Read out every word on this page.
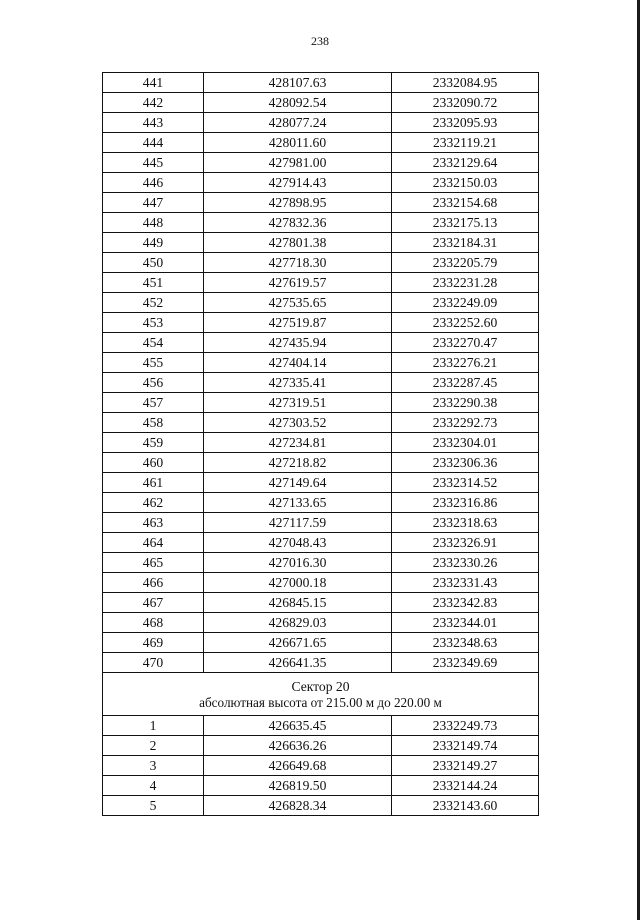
238
441	428107.63	2332084.95
442	428092.54	2332090.72
443	428077.24	2332095.93
444	428011.60	2332119.21
445	427981.00	2332129.64
446	427914.43	2332150.03
447	427898.95	2332154.68
448	427832.36	2332175.13
449	427801.38	2332184.31
450	427718.30	2332205.79
451	427619.57	2332231.28
452	427535.65	2332249.09
453	427519.87	2332252.60
454	427435.94	2332270.47
455	427404.14	2332276.21
456	427335.41	2332287.45
457	427319.51	2332290.38
458	427303.52	2332292.73
459	427234.81	2332304.01
460	427218.82	2332306.36
461	427149.64	2332314.52
462	427133.65	2332316.86
463	427117.59	2332318.63
464	427048.43	2332326.91
465	427016.30	2332330.26
466	427000.18	2332331.43
467	426845.15	2332342.83
468	426829.03	2332344.01
469	426671.65	2332348.63
470	426641.35	2332349.69

Сектор 20
абсолютная высота от 215.00 м до 220.00 м		

1	426635.45	2332249.73
2	426636.26	2332149.74
3	426649.68	2332149.27
4	426819.50	2332144.24
5	426828.34	2332143.60
